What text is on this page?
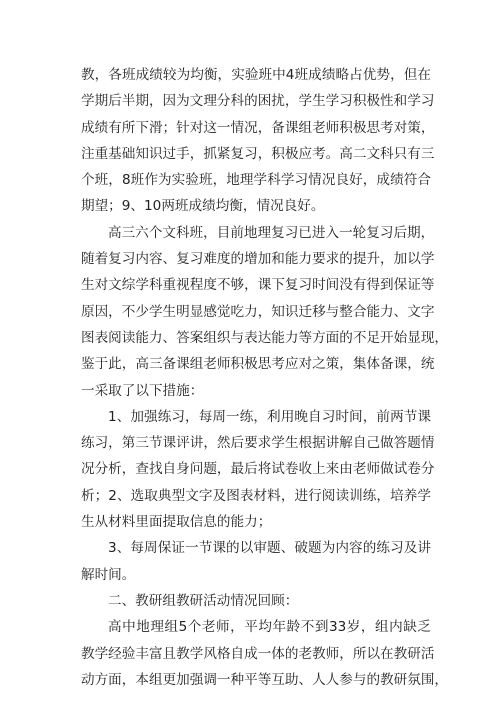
教，各班成绩较为均衡，实验班中4班成绩略占优势，但在
学期后半期，因为文理分科的困扰，学生学习积极性和学习
成绩有所下滑；针对这一情况，备课组老师积极思考对策，
注重基础知识过手，抓紧复习，积极应考。高二文科只有三
个班，8班作为实验班，地理学科学习情况良好，成绩符合
期望；9、10两班成绩均衡，情况良好。
高三六个文科班，目前地理复习已进入一轮复习后期，
随着复习内容、复习难度的增加和能力要求的提升，加以学
生对文综学科重视程度不够，课下复习时间没有得到保证等
原因，不少学生明显感觉吃力，知识迁移与整合能力、文字
图表阅读能力、答案组织与表达能力等方面的不足开始显现，
鉴于此，高三备课组老师积极思考应对之策，集体备课，统
一采取了以下措施：
1、加强练习，每周一练，利用晚自习时间，前两节课
练习，第三节课评讲，然后要求学生根据讲解自己做答题情
况分析，查找自身问题，最后将试卷收上来由老师做试卷分
析；2、选取典型文字及图表材料，进行阅读训练，培养学
生从材料里面提取信息的能力；
3、每周保证一节课的以审题、破题为内容的练习及讲
解时间。
二、教研组教研活动情况回顾：
高中地理组5个老师，平均年龄不到33岁，组内缺乏
教学经验丰富且教学风格自成一体的老教师，所以在教研活
动方面，本组更加强调一种平等互助、人人参与的教研氛围，
